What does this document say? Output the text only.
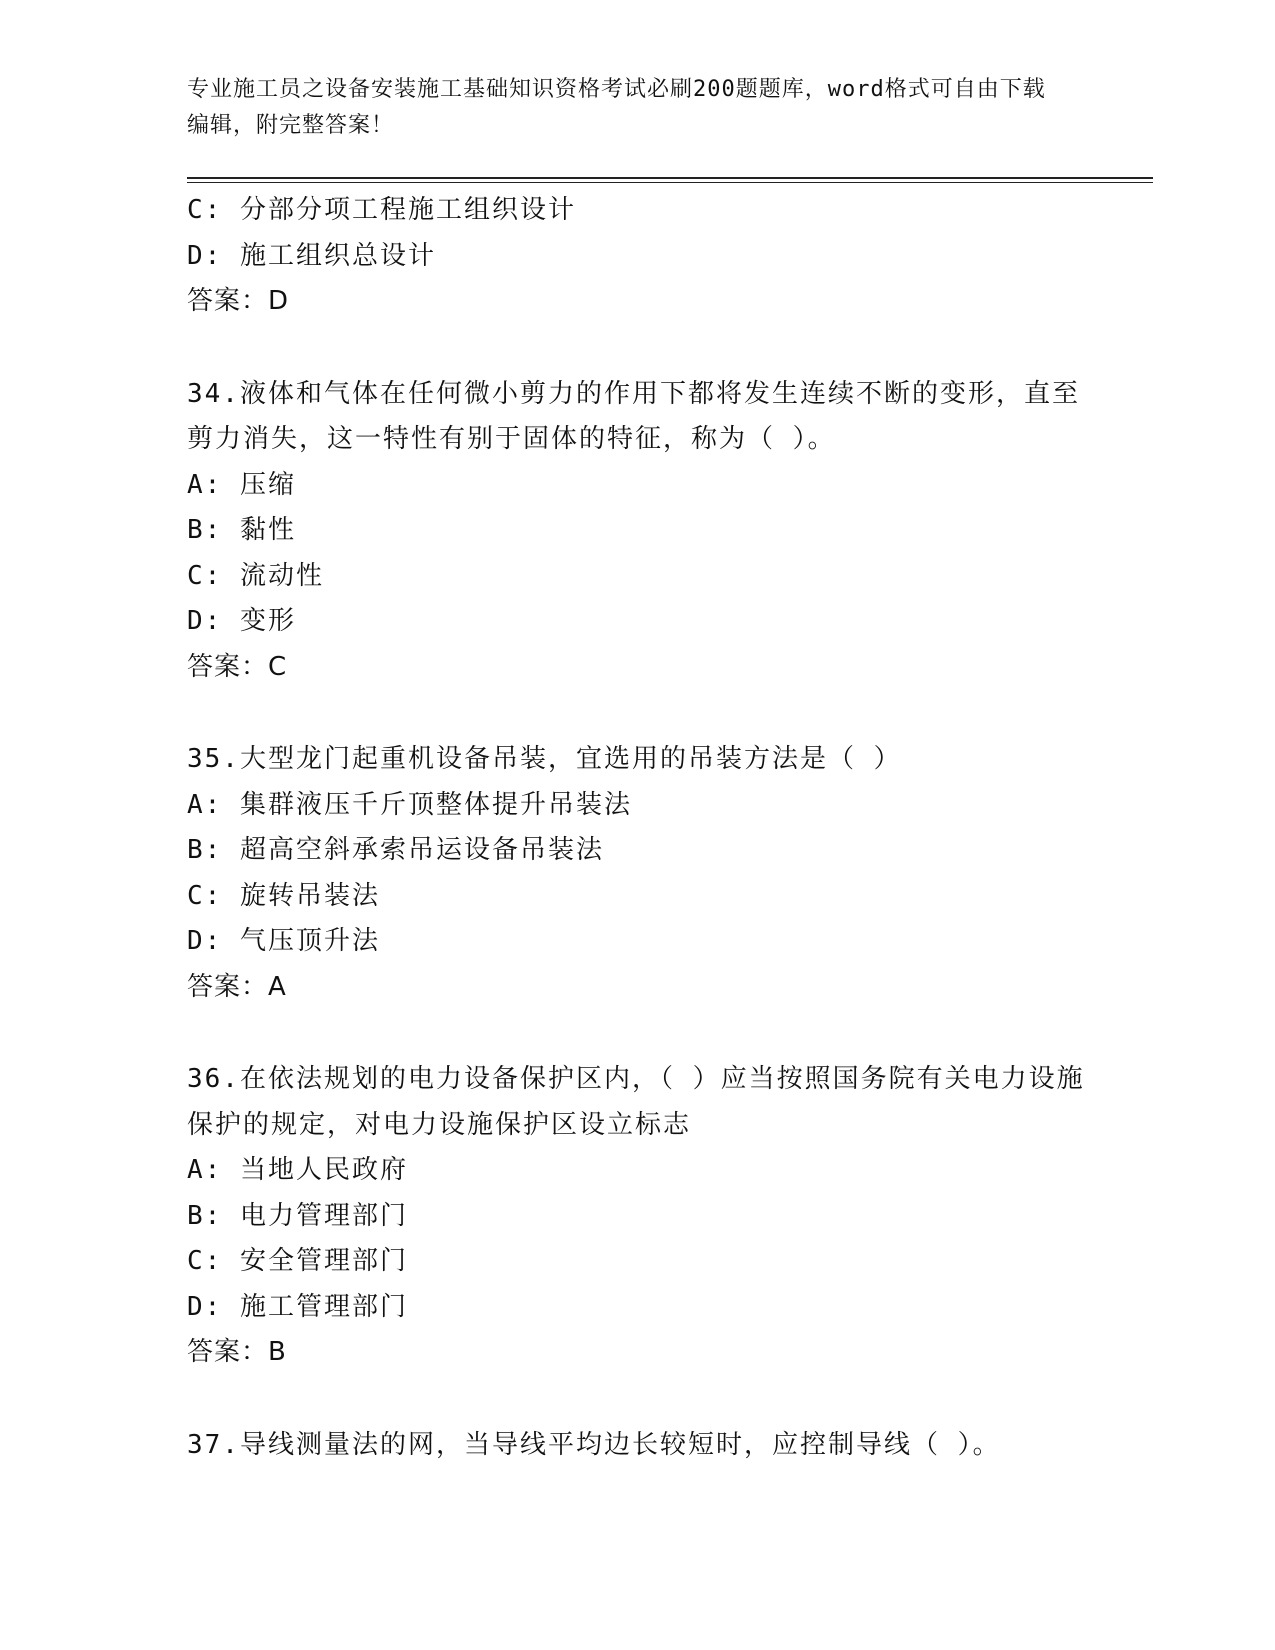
专业施工员之设备安装施工基础知识资格考试必刷200题题库，word格式可自由下载编辑，附完整答案！
C: 分部分项工程施工组织设计
D: 施工组织总设计
答案：D
34.液体和气体在任何微小剪力的作用下都将发生连续不断的变形，直至剪力消失，这一特性有别于固体的特征，称为（ ）。
A: 压缩
B: 黏性
C: 流动性
D: 变形
答案：C
35.大型龙门起重机设备吊装，宜选用的吊装方法是（ ）
A: 集群液压千斤顶整体提升吊装法
B: 超高空斜承索吊运设备吊装法
C: 旋转吊装法
D: 气压顶升法
答案：A
36.在依法规划的电力设备保护区内，（ ）应当按照国务院有关电力设施保护的规定，对电力设施保护区设立标志
A: 当地人民政府
B: 电力管理部门
C: 安全管理部门
D: 施工管理部门
答案：B
37.导线测量法的网，当导线平均边长较短时，应控制导线（ ）。
